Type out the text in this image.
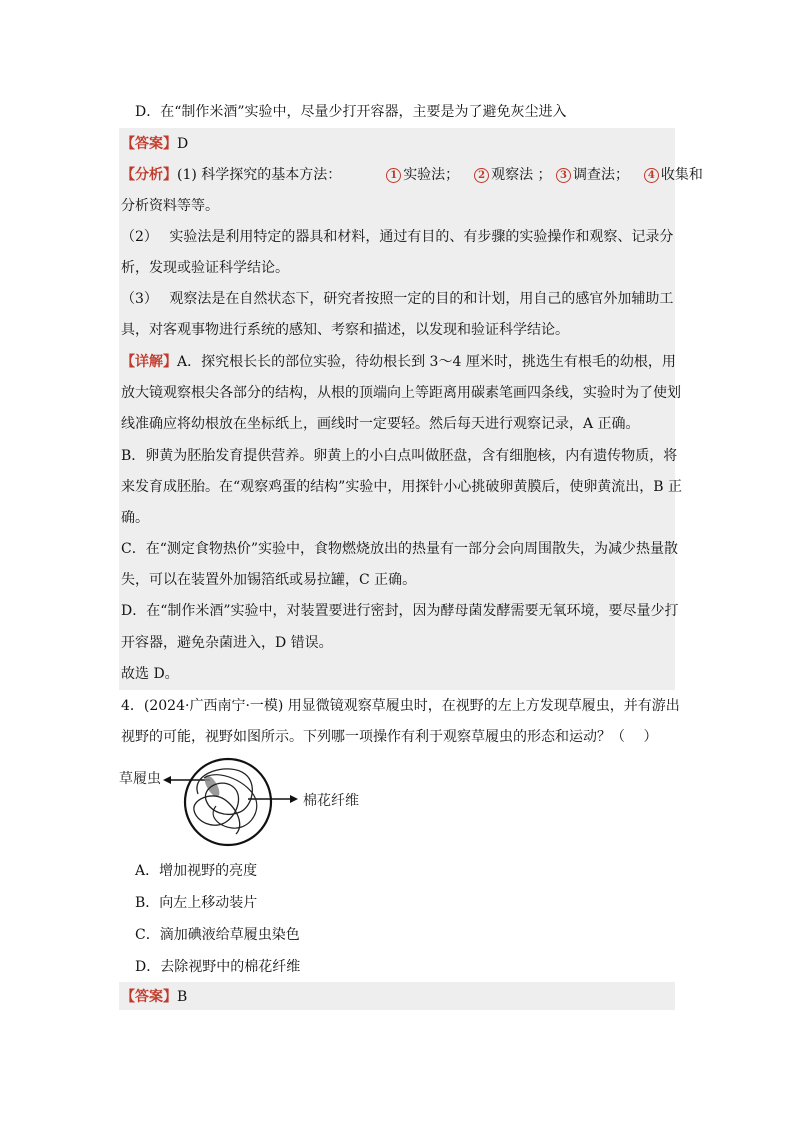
D．在“制作米酒”实验中，尽量少打开容器，主要是为了避免灰尘进入
【答案】D
【分析】(1) 科学探究的基本方法：	1 实验法； 2 观察法 ； 3 调查法； 4 收集和
分析资料等等。
（2）　 实验法是利用特定的器具和材料，通过有目的、有步骤的实验操作和观察、记录分
析，发现或验证科学结论。
（3）　 观察法是在自然状态下，研究者按照一定的目的和计划，用自己的感官外加辅助工
具，对客观事物进行系统的感知、考察和描述，以发现和验证科学结论。
【详解】A．探究根长长的部位实验，待幼根长到 3～4 厘米时，挑选生有根毛的幼根，用
放大镜观察根尖各部分的结构，从根的顶端向上等距离用碳素笔画四条线，实验时为了使划
线准确应将幼根放在坐标纸上，画线时一定要轻。然后每天进行观察记录，A 正确。
B．卵黄为胚胎发育提供营养。卵黄上的小白点叫做胚盘，含有细胞核，内有遗传物质，将
来发育成胚胎。在“观察鸡蛋的结构”实验中，用探针小心挑破卵黄膜后，使卵黄流出，B 正
确。
C．在“测定食物热价”实验中，食物燃烧放出的热量有一部分会向周围散失，为减少热量散
失，可以在装置外加锡箔纸或易拉罐，C 正确。
D．在“制作米酒”实验中，对装置要进行密封，因为酵母菌发酵需要无氧环境，要尽量少打
开容器，避免杂菌进入，D 错误。
故选 D。
4．(2024·广西南宁·一模) 用显微镜观察草履虫时，在视野的左上方发现草履虫，并有游出
视野的可能，视野如图所示。下列哪一项操作有利于观察草履虫的形态和运动？（　 ）
草履虫
棉花纤维
A．增加视野的亮度
B．向左上移动装片
C．滴加碘液给草履虫染色
D．去除视野中的棉花纤维
【答案】B
